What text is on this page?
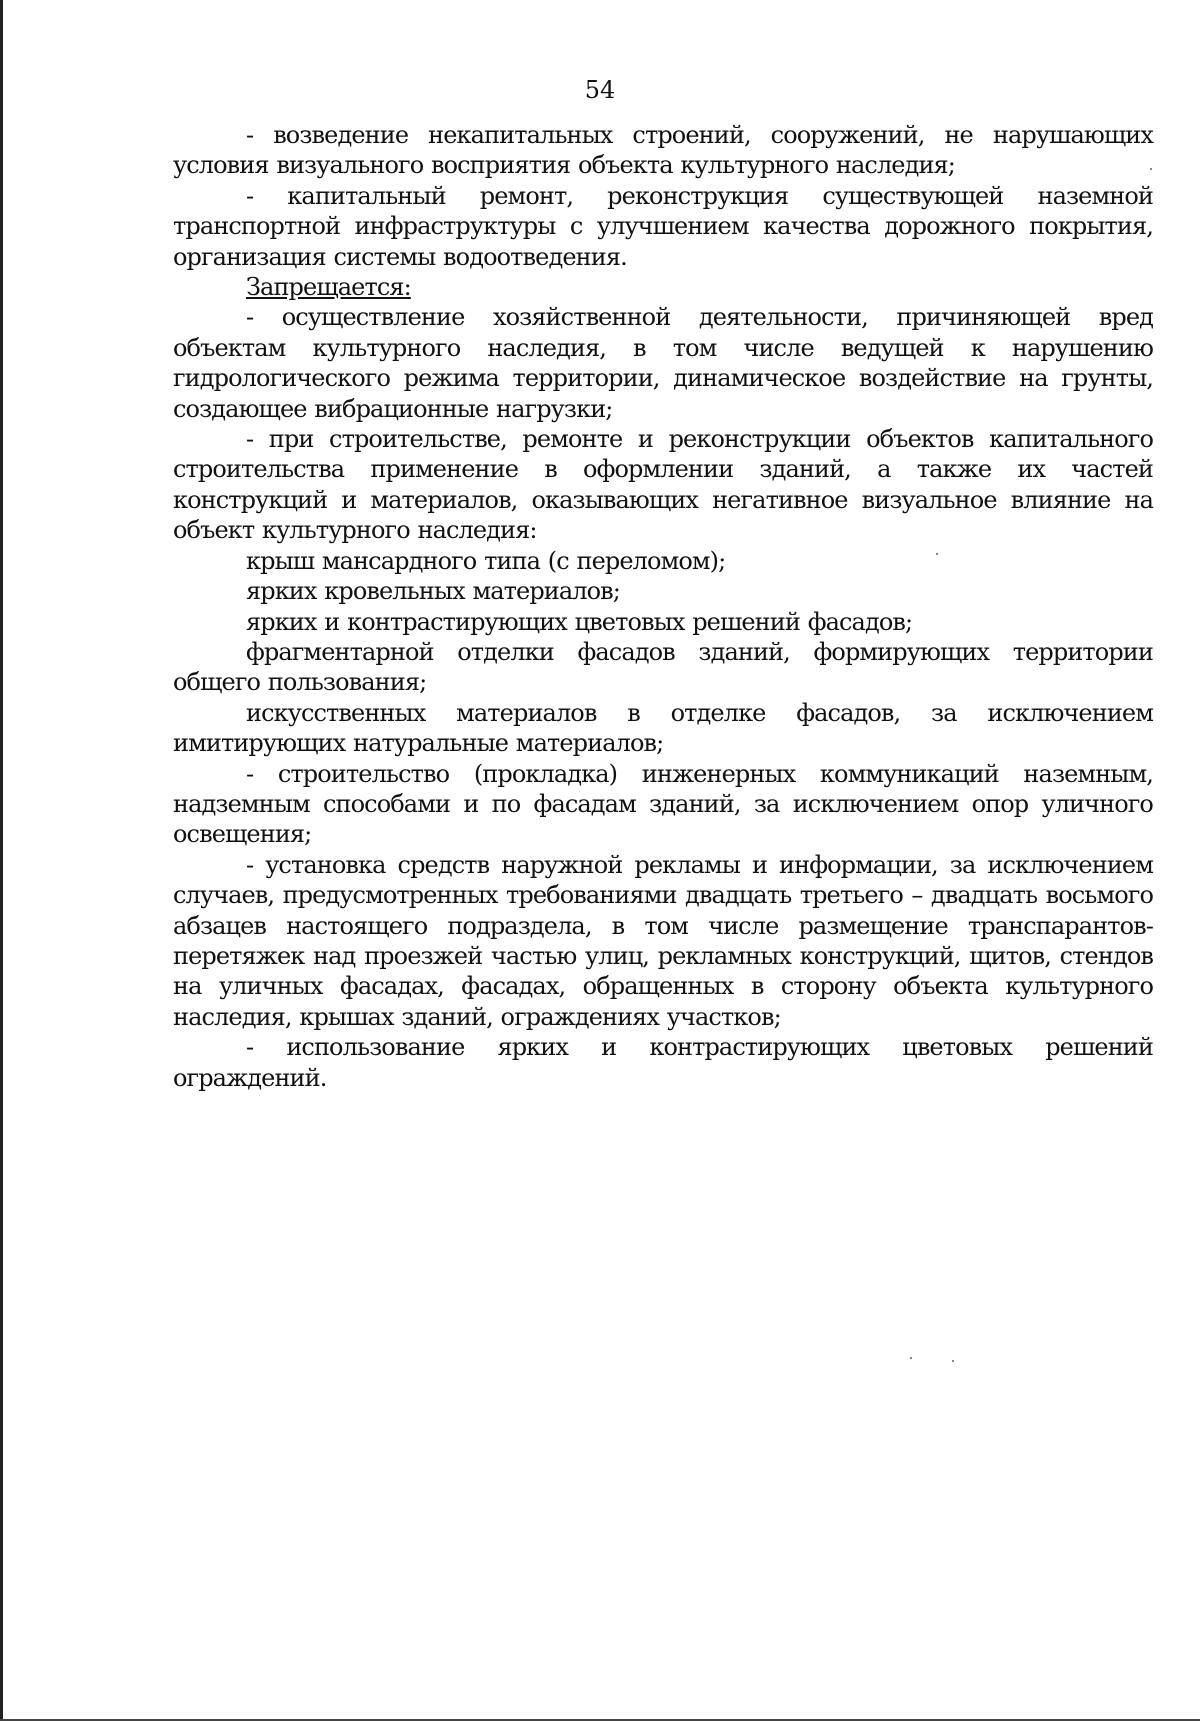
54

- возведение некапитальных строений, сооружений, не нарушающих условия визуального восприятия объекта культурного наследия;

- капитальный ремонт, реконструкция существующей наземной транспортной инфраструктуры с улучшением качества дорожного покрытия, организация системы водоотведения.

Запрещается:

- осуществление хозяйственной деятельности, причиняющей вред объектам культурного наследия, в том числе ведущей к нарушению гидрологического режима территории, динамическое воздействие на грунты, создающее вибрационные нагрузки;

- при строительстве, ремонте и реконструкции объектов капитального строительства применение в оформлении зданий, а также их частей конструкций и материалов, оказывающих негативное визуальное влияние на объект культурного наследия:

крыш мансардного типа (с переломом);

ярких кровельных материалов;

ярких и контрастирующих цветовых решений фасадов;

фрагментарной отделки фасадов зданий, формирующих территории общего пользования;

искусственных материалов в отделке фасадов, за исключением имитирующих натуральные материалов;

- строительство (прокладка) инженерных коммуникаций наземным, надземным способами и по фасадам зданий, за исключением опор уличного освещения;

- установка средств наружной рекламы и информации, за исключением случаев, предусмотренных требованиями двадцать третьего – двадцать восьмого абзацев настоящего подраздела, в том числе размещение транспарантов-перетяжек над проезжей частью улиц, рекламных конструкций, щитов, стендов на уличных фасадах, фасадах, обращенных в сторону объекта культурного наследия, крышах зданий, ограждениях участков;

- использование ярких и контрастирующих цветовых решений ограждений.
